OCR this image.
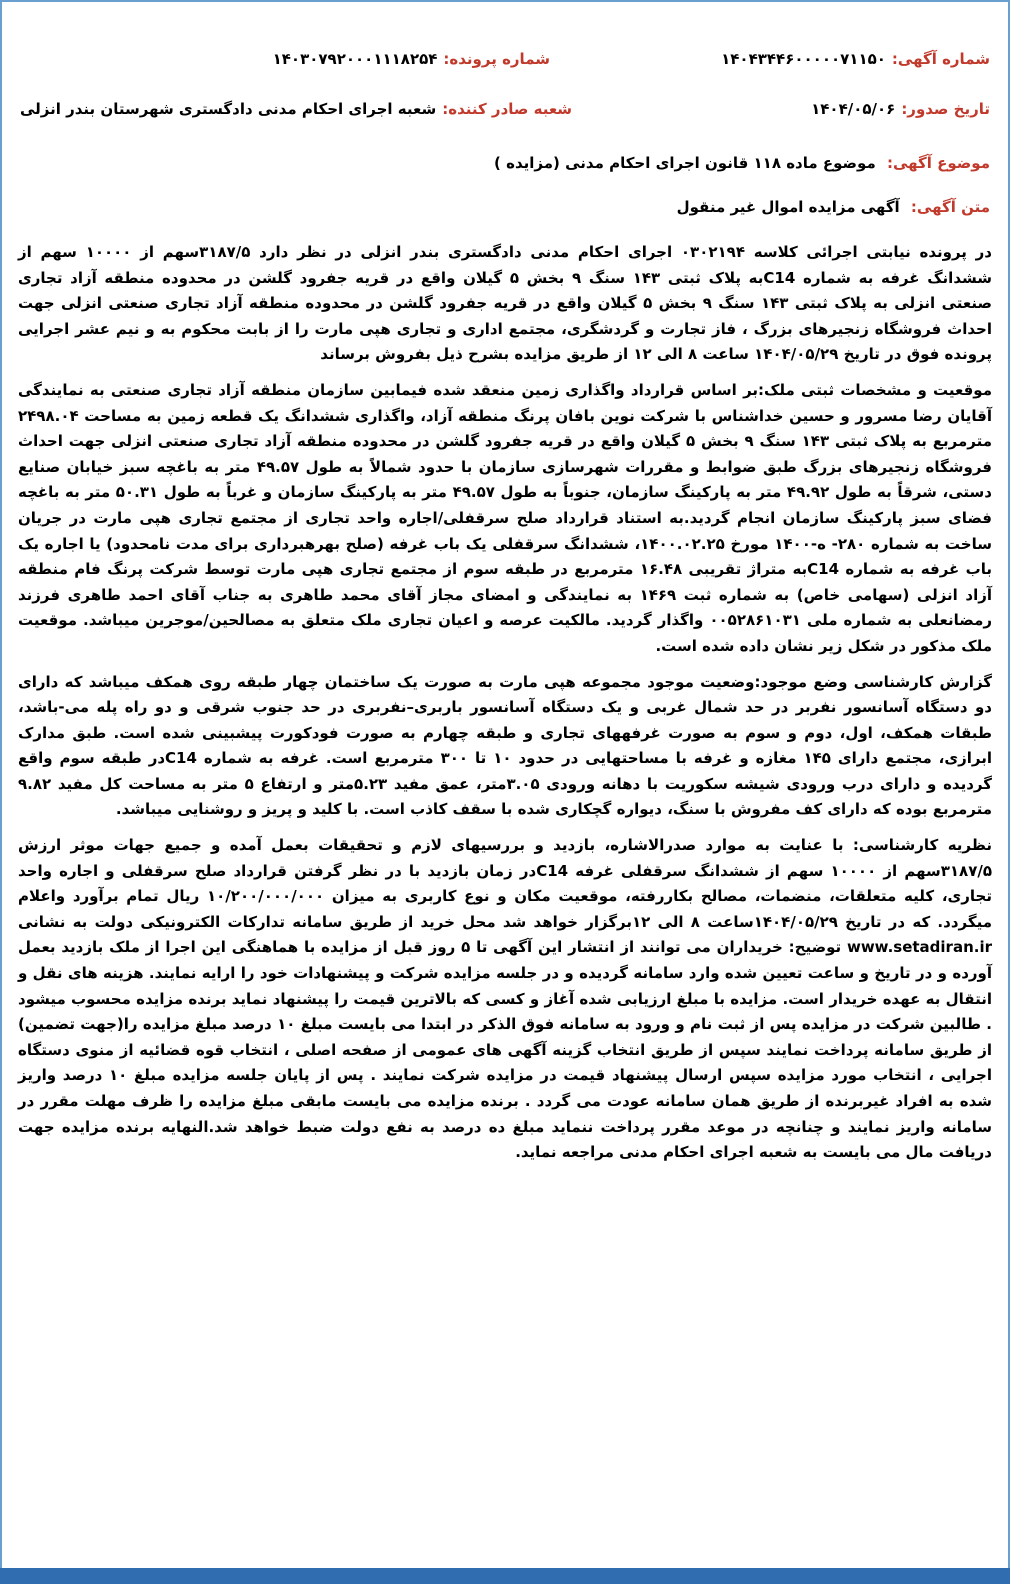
شماره آگهی:
۱۴۰۴۳۴۴۶۰۰۰۰۰۷۱۱۵۰
شماره پرونده:
۱۴۰۳۰۷۹۲۰۰۰۱۱۱۸۲۵۴
تاریخ صدور:
۱۴۰۴/۰۵/۰۶
شعبه صادر کننده:
شعبه اجرای احکام مدنی دادگستری شهرستان بندر انزلی
موضوع آگهی: موضوع ماده ۱۱۸ قانون اجرای احکام مدنی (مزایده )
متن آگهی: آگهی مزایده اموال غیر منقول

در پرونده نیابتی اجرائی کلاسه ۰۳۰۲۱۹۴ اجرای احکام مدنی دادگستری بندر انزلی در نظر دارد ۳۱۸۷/۵سهم از ۱۰۰۰۰ سهم از ششدانگ غرفه به شماره C14به پلاک ثبتی ۱۴۳ سنگ ۹ بخش ۵ گیلان واقع در قریه جفرود گلشن در محدوده منطقه آزاد تجاری صنعتی انزلی به پلاک ثبتی ۱۴۳ سنگ ۹ بخش ۵ گیلان واقع در قریه جفرود گلشن در محدوده منطقه آزاد تجاری صنعتی انزلی جهت احداث فروشگاه زنجیرهای بزرگ ، فاز تجارت و گردشگری، مجتمع اداری و تجاری هپی مارت را از بابت محکوم به و نیم عشر اجرایی پرونده فوق در تاریخ ۱۴۰۴/۰۵/۲۹ ساعت ۸ الی ۱۲ از طریق مزایده بشرح ذیل بفروش برساند

موقعیت و مشخصات ثبتی ملک:بر اساس قرارداد واگذاری زمین منعقد شده فیمابین سازمان منطقه آزاد تجاری صنعتی به نمایندگی آقایان رضا مسرور و حسین خداشناس با شرکت نوین بافان پرنگ منطقه آزاد، واگذاری ششدانگ یک قطعه زمین به مساحت ۲۴۹۸.۰۴ مترمربع به پلاک ثبتی ۱۴۳ سنگ ۹ بخش ۵ گیلان واقع در قریه جفرود گلشن در محدوده منطقه آزاد تجاری صنعتی انزلی جهت احداث فروشگاه زنجیرهای بزرگ طبق ضوابط و مقررات شهرسازی سازمان با حدود شمالاً به طول ۴۹.۵۷ متر به باغچه سبز خیابان صنایع دستی، شرقاً به طول ۴۹.۹۲ متر به پارکینگ سازمان، جنوباً به طول ۴۹.۵۷ متر به پارکینگ سازمان و غرباً به طول ۵۰.۳۱ متر به باغچه فضای سبز پارکینگ سازمان انجام گردید.به استناد قرارداد صلح سرقفلی/اجاره واحد تجاری از مجتمع تجاری هپی مارت در جریان ساخت به شماره ۲۸۰- ه-۱۴۰۰ مورخ ۱۴۰۰.۰۲.۲۵، ششدانگ سرقفلی یک باب غرفه (صلح بهرهبرداری برای مدت نامحدود) یا اجاره یک باب غرفه به شماره C14به متراژ تقریبی ۱۶.۴۸ مترمربع در طبقه سوم از مجتمع تجاری هپی مارت توسط شرکت پرنگ فام منطقه آزاد انزلی (سهامی خاص) به شماره ثبت ۱۴۶۹ به نمایندگی و امضای مجاز آقای محمد طاهری به جناب آقای احمد طاهری فرزند رمضانعلی به شماره ملی ۰۰۵۲۸۶۱۰۳۱ واگذار گردید. مالکیت عرصه و اعیان تجاری ملک متعلق به مصالحین/موجرین میباشد. موقعیت ملک مذکور در شکل زیر نشان داده شده است.

گزارش کارشناسی وضع موجود:وضعیت موجود مجموعه هپی مارت به صورت یک ساختمان چهار طبقه روی همکف میباشد که دارای دو دستگاه آسانسور نفربر در حد شمال غربی و یک دستگاه آسانسور باربری–نفربری در حد جنوب شرقی و دو راه پله می-باشد، طبقات همکف، اول، دوم و سوم به صورت غرفههای تجاری و طبقه چهارم به صورت فودکورت پیشبینی شده است. طبق مدارک ابرازی، مجتمع دارای ۱۴۵ مغازه و غرفه با مساحتهایی در حدود ۱۰ تا ۳۰۰ مترمربع است. غرفه به شماره C14در طبقه سوم واقع گردیده و دارای درب ورودی شیشه سکوریت با دهانه ورودی ۳.۰۵متر، عمق مفید ۵.۲۳متر و ارتفاع ۵ متر به مساحت کل مفید ۹.۸۲ مترمربع بوده که دارای کف مفروش با سنگ، دیواره گچکاری شده با سقف کاذب است. با کلید و پریز و روشنایی میباشد.

نظریه کارشناسی: با عنایت به موارد صدرالاشاره، بازدید و بررسیهای لازم و تحقیقات بعمل آمده و جمیع جهات موثر ارزش ۳۱۸۷/۵سهم از ۱۰۰۰۰ سهم از ششدانگ سرقفلی غرفه C14در زمان بازدید با در نظر گرفتن قرارداد صلح سرقفلی و اجاره واحد تجاری، کلیه متعلقات، منضمات، مصالح بکاررفته، موقعیت مکان و نوع کاربری به میزان ۱۰/۲۰۰/۰۰۰/۰۰۰ ریال تمام برآورد واعلام میگردد. که در تاریخ ۱۴۰۴/۰۵/۲۹ساعت ۸ الی ۱۲برگزار خواهد شد محل خرید از طریق سامانه تدارکات الکترونیکی دولت به نشانی www.setadiran.ir توضیح: خریداران می توانند از انتشار این آگهی تا ۵ روز قبل از مزایده با هماهنگی این اجرا از ملک بازدید بعمل آورده و در تاریخ و ساعت تعیین شده وارد سامانه گردیده و در جلسه مزایده شرکت و پیشنهادات خود را ارایه نمایند. هزینه های نقل و انتقال به عهده خریدار است. مزایده با مبلغ ارزیابی شده آغاز و کسی که بالاترین قیمت را پیشنهاد نماید برنده مزایده محسوب میشود . طالبین شرکت در مزایده پس از ثبت نام و ورود به سامانه فوق الذکر در ابتدا می بایست مبلغ ۱۰ درصد مبلغ مزایده را(جهت تضمین) از طریق سامانه پرداخت نمایند سپس از طریق انتخاب گزینه آگهی های عمومی از صفحه اصلی ، انتخاب قوه قضائیه از منوی دستگاه اجرایی ، انتخاب مورد مزایده سپس ارسال پیشنهاد قیمت در مزایده شرکت نمایند . پس از پایان جلسه مزایده مبلغ ۱۰ درصد واریز شده به افراد غیربرنده از طریق همان سامانه عودت می گردد . برنده مزایده می بایست مابقی مبلغ مزایده را ظرف مهلت مقرر در سامانه واریز نمایند و چنانچه در موعد مقرر پرداخت ننماید مبلغ ده درصد به نفع دولت ضبط خواهد شد.النهایه برنده مزایده جهت دریافت مال می بایست به شعبه اجرای احکام مدنی مراجعه نماید.
